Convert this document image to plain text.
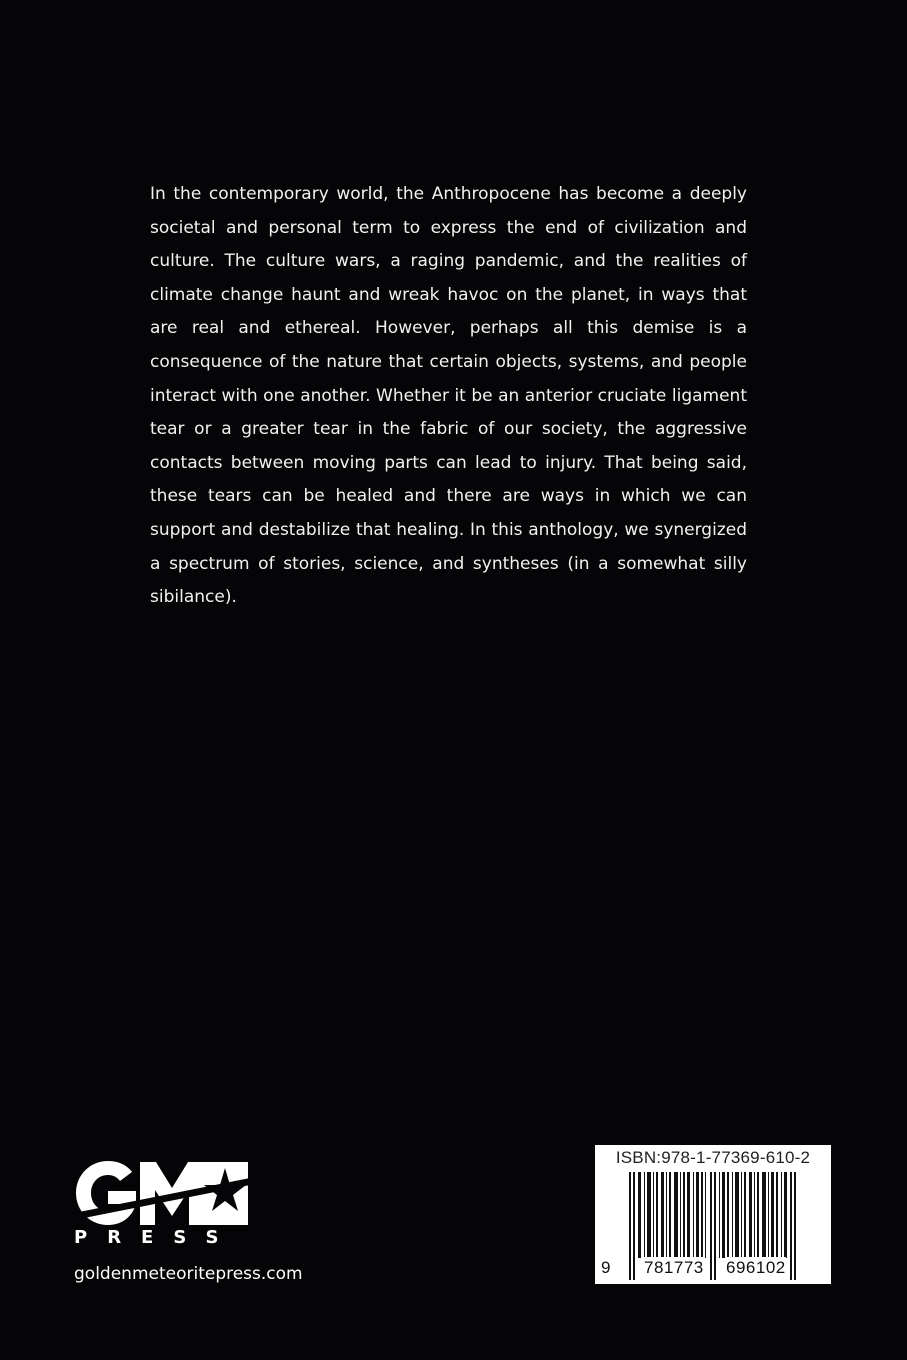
In the contemporary world, the Anthropocene has become a deeply societal and personal term to express the end of civilization and culture. The culture wars, a raging pandemic, and the realities of climate change haunt and wreak havoc on the planet, in ways that are real and ethereal. However, perhaps all this demise is a consequence of the nature that certain objects, systems, and people interact with one another. Whether it be an anterior cruciate ligament tear or a greater tear in the fabric of our society, the aggressive contacts between moving parts can lead to injury. That being said, these tears can be healed and there are ways in which we can support and destabilize that healing. In this anthology, we synergized a spectrum of stories, science, and syntheses (in a somewhat silly sibilance).

PRESS
goldenmeteoritepress.com
ISBN:978-1-77369-610-2
9 781773 696102
